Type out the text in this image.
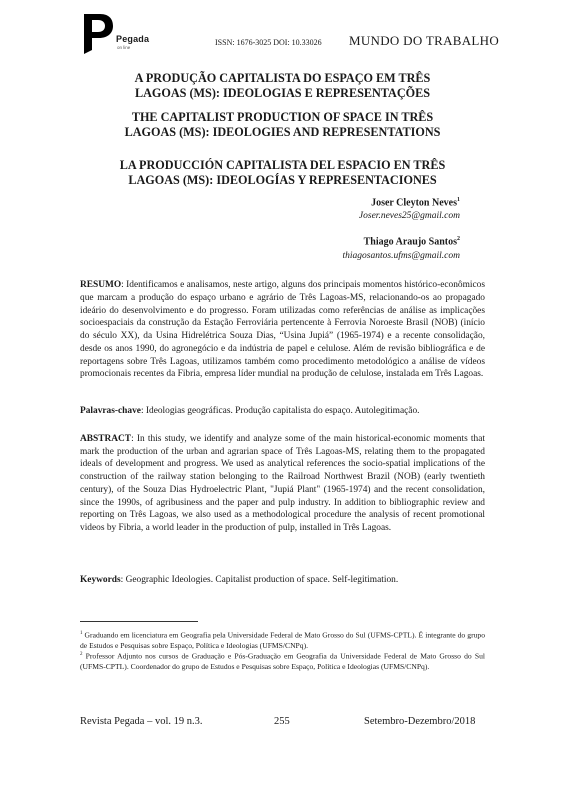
Pegada
on line
ISSN: 1676-3025 DOI: 10.33026 MUNDO DO TRABALHO
A PRODUÇÃO CAPITALISTA DO ESPAÇO EM TRÊS
LAGOAS (MS): IDEOLOGIAS E REPRESENTAÇÕES
THE CAPITALIST PRODUCTION OF SPACE IN TRÊS
LAGOAS (MS): IDEOLOGIES AND REPRESENTATIONS
LA PRODUCCIÓN CAPITALISTA DEL ESPACIO EN TRÊS
LAGOAS (MS): IDEOLOGÍAS Y REPRESENTACIONES
Joser Cleyton Neves$^1$
Joser.neves25@gmail.com
Thiago Araujo Santos$^2$
thiagosantos.ufms@gmail.com
RESUMO: Identificamos e analisamos, neste artigo, alguns dos principais momentos histórico-econômicos que marcam a produção do espaço urbano e agrário de Três Lagoas-MS, relacionando-os ao propagado ideário do desenvolvimento e do progresso. Foram utilizadas como referências de análise as implicações socioespaciais da construção da Estação Ferroviária pertencente à Ferrovia Noroeste Brasil (NOB) (início do século XX), da Usina Hidrelétrica Souza Dias, “Usina Jupiá” (1965-1974) e a recente consolidação, desde os anos 1990, do agronegócio e da indústria de papel e celulose. Além de revisão bibliográfica e de reportagens sobre Três Lagoas, utilizamos também como procedimento metodológico a análise de vídeos promocionais recentes da Fibria, empresa líder mundial na produção de celulose, instalada em Três Lagoas.
Palavras-chave: Ideologias geográficas. Produção capitalista do espaço. Autolegitimação.
ABSTRACT: In this study, we identify and analyze some of the main historical-economic moments that mark the production of the urban and agrarian space of Três Lagoas-MS, relating them to the propagated ideals of development and progress. We used as analytical references the socio-spatial implications of the construction of the railway station belonging to the Railroad Northwest Brazil (NOB) (early twentieth century), of the Souza Dias Hydroelectric Plant, "Jupiá Plant" (1965-1974) and the recent consolidation, since the 1990s, of agribusiness and the paper and pulp industry. In addition to bibliographic review and reporting on Três Lagoas, we also used as a methodological procedure the analysis of recent promotional videos by Fibria, a world leader in the production of pulp, installed in Três Lagoas.
Keywords: Geographic Ideologies. Capitalist production of space. Self-legitimation.
$^1$ Graduando em licenciatura em Geografia pela Universidade Federal de Mato Grosso do Sul (UFMS-CPTL). É integrante do grupo de Estudos e Pesquisas sobre Espaço, Política e Ideologias (UFMS/CNPq).
$^2$ Professor Adjunto nos cursos de Graduação e Pós-Graduação em Geografia da Universidade Federal de Mato Grosso do Sul (UFMS-CPTL). Coordenador do grupo de Estudos e Pesquisas sobre Espaço, Política e Ideologias (UFMS/CNPq).
Revista Pegada – vol. 19 n.3.	255	Setembro-Dezembro/2018
